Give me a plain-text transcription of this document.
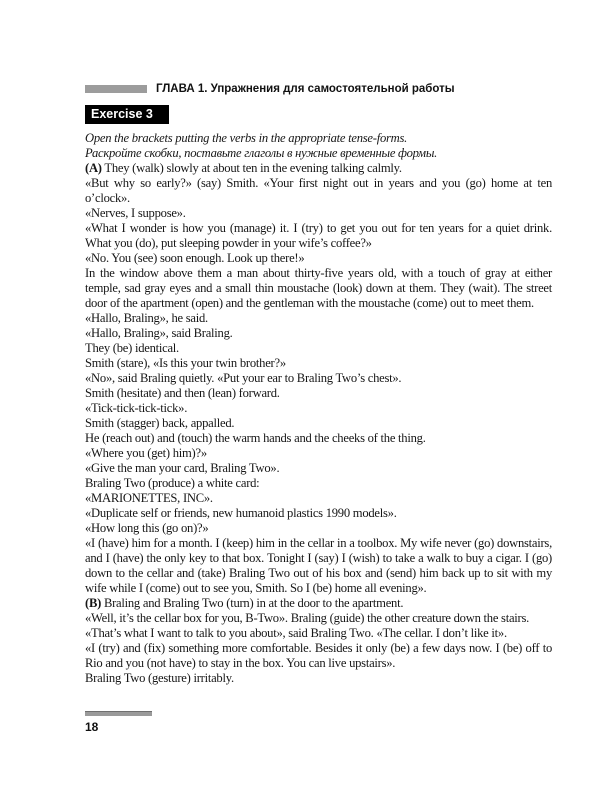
ГЛАВА 1. Упражнения для самостоятельной работы
Exercise 3

Open the brackets putting the verbs in the appropriate tense-forms.

Раскройте скобки, поставьте глаголы в нужные временные формы.

(A) They (walk) slowly at about ten in the evening talking calmly.

«But why so early?» (say) Smith. «Your first night out in years and you (go) home at ten o’clock».

«Nerves, I suppose».

«What I wonder is how you (manage) it. I (try) to get you out for ten years for a quiet drink. What you (do), put sleeping powder in your wife’s coffee?»

«No. You (see) soon enough. Look up there!»

In the window above them a man about thirty-five years old, with a touch of gray at either temple, sad gray eyes and a small thin moustache (look) down at them. They (wait). The street door of the apartment (open) and the gentleman with the moustache (come) out to meet them.

«Hallo, Braling», he said.

«Hallo, Braling», said Braling.

They (be) identical.

Smith (stare), «Is this your twin brother?»

«No», said Braling quietly. «Put your ear to Braling Two’s chest».

Smith (hesitate) and then (lean) forward.

«Tick-tick-tick-tick».

Smith (stagger) back, appalled.

He (reach out) and (touch) the warm hands and the cheeks of the thing.

«Where you (get) him)?»

«Give the man your card, Braling Two».

Braling Two (produce) a white card:

«MARIONETTES, INC».

«Duplicate self or friends, new humanoid plastics 1990 models».

«How long this (go on)?»

«I (have) him for a month. I (keep) him in the cellar in a toolbox. My wife never (go) downstairs, and I (have) the only key to that box. Tonight I (say) I (wish) to take a walk to buy a cigar. I (go) down to the cellar and (take) Braling Two out of his box and (send) him back up to sit with my wife while I (come) out to see you, Smith. So I (be) home all evening».

(B) Braling and Braling Two (turn) in at the door to the apartment.

«Well, it’s the cellar box for you, B-Two». Braling (guide) the other creature down the stairs.

«That’s what I want to talk to you about», said Braling Two. «The cellar. I don’t like it».

«I (try) and (fix) something more comfortable. Besides it only (be) a few days now. I (be) off to Rio and you (not have) to stay in the box. You can live upstairs».

Braling Two (gesture) irritably.

18
